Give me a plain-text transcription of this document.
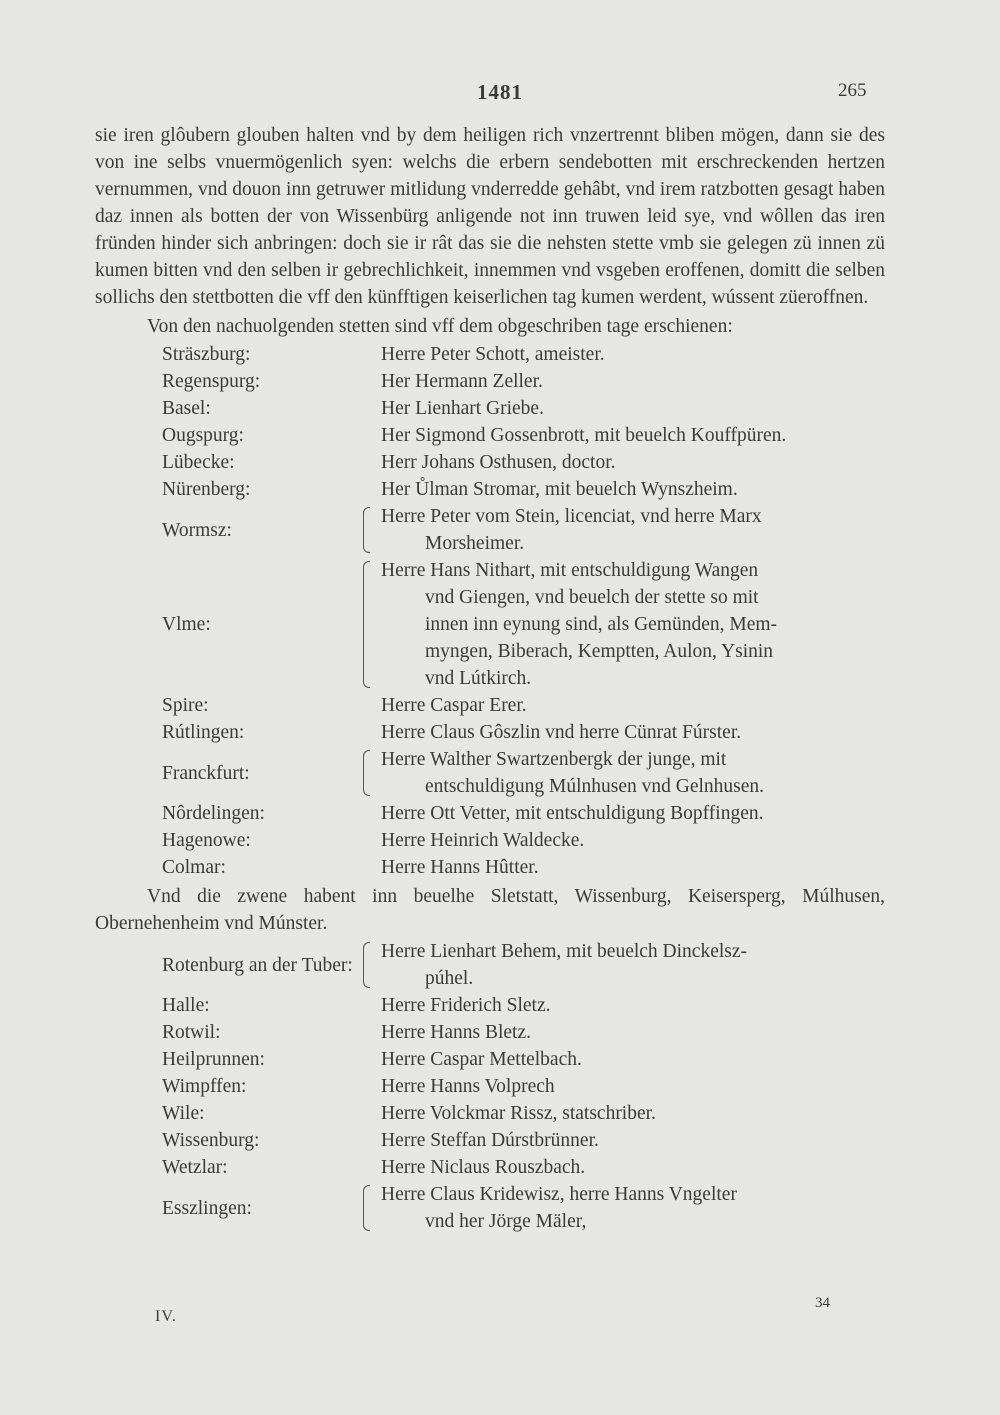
1481	265

sie iren glôubern glouben halten vnd by dem heiligen rich vnzertrennt bliben mögen, dann sie des von ine selbs vnuermögenlich syen: welchs die erbern sendebotten mit erschreckenden hertzen vernummen, vnd douon inn getruwer mitlidung vnderredde gehâbt, vnd irem ratzbotten gesagt haben daz innen als botten der von Wissenbürg anligende not inn truwen leid sye, vnd wôllen das iren fründen hinder sich anbringen: doch sie ir rât das sie die nehsten stette vmb sie gelegen zü innen zü kumen bitten vnd den selben ir gebrechlichkeit, innemmen vnd vsgeben eroffenen, domitt die selben sollichs den stettbotten die vff den künfftigen keiserlichen tag kumen werdent, wússent züeroffnen.

Von den nachuolgenden stetten sind vff dem obgeschriben tage erschienen:

Sträszburg:	Herre Peter Schott, ameister.
Regenspurg:	Her Hermann Zeller.
Basel:	Her Lienhart Griebe.
Ougspurg:	Her Sigmond Gossenbrott, mit beuelch Kouffpüren.
Lübecke:	Herr Johans Osthusen, doctor.
Nürenberg:	Her Ůlman Stromar, mit beuelch Wynszheim.
Wormsz:
Herre Peter vom Stein, licenciat, vnd herre Marx
Morsheimer.
Vlme:
Herre Hans Nithart, mit entschuldigung Wangen
vnd Giengen, vnd beuelch der stette so mit
innen inn eynung sind, als Gemünden, Mem-
myngen, Biberach, Kemptten, Aulon, Ysinin
vnd Lútkirch.
Spire:	Herre Caspar Erer.
Rútlingen:	Herre Claus Gôszlin vnd herre Cünrat Fúrster.
Franckfurt:
Herre Walther Swartzenbergk der junge, mit
entschuldigung Múlnhusen vnd Gelnhusen.
Nôrdelingen:	Herre Ott Vetter, mit entschuldigung Bopffingen.
Hagenowe:	Herre Heinrich Waldecke.
Colmar:	Herre Hanns Hûtter.

Vnd die zwene habent inn beuelhe Sletstatt, Wissenburg, Keisersperg, Múlhusen, Obernehenheim vnd Múnster.

Rotenburg an der Tuber:
Herre Lienhart Behem, mit beuelch Dinckelsz-
púhel.
Halle:	Herre Friderich Sletz.
Rotwil:	Herre Hanns Bletz.
Heilprunnen:	Herre Caspar Mettelbach.
Wimpffen:	Herre Hanns Volprech
Wile:	Herre Volckmar Rissz, statschriber.
Wissenburg:	Herre Steffan Dúrstbrünner.
Wetzlar:	Herre Niclaus Rouszbach.
Esszlingen:
Herre Claus Kridewisz, herre Hanns Vngelter
vnd her Jörge Mäler,
IV.
34
